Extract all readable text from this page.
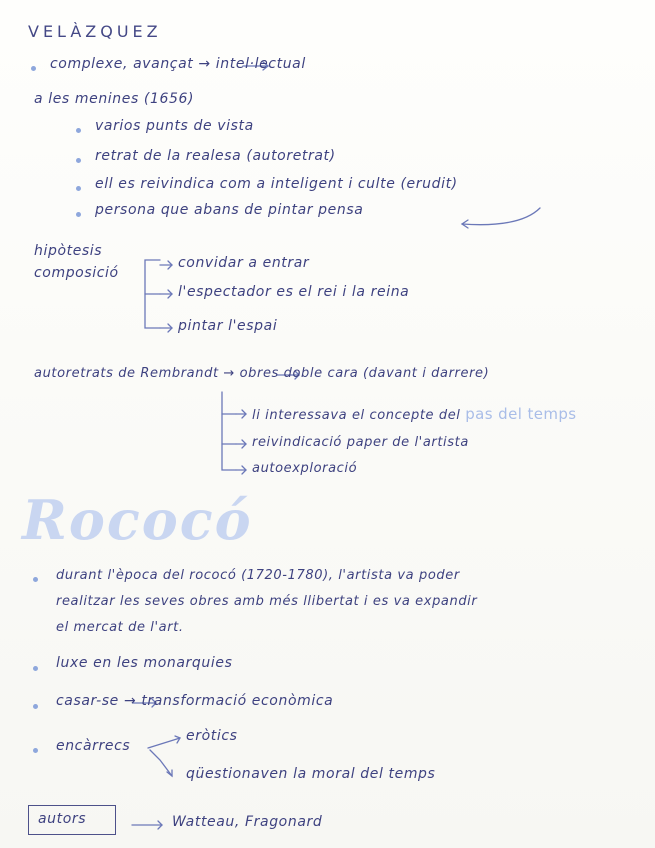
VELÀZQUEZ
complexe, avançat → intel·lectual
a les menines (1656)
varios punts de vista
retrat de la realesa (autoretrat)
ell es reivindica com a inteligent i culte (erudit)
persona que abans de pintar pensa
hipòtesis
composició
convidar a entrar
l'espectador es el rei i la reina
pintar l'espai
autoretrats de Rembrandt → obres doble cara (davant i darrere)
li interessava el concepte del pas del temps
reivindicació paper de l'artista
autoexploració
Rococó
durant l'època del rococó (1720-1780), l'artista va poder
realitzar les seves obres amb més llibertat i es va expandir
el mercat de l'art.
luxe en les monarquies
casar-se → transformació econòmica
encàrrecs
eròtics
qüestionaven la moral del temps
autors	Watteau, Fragonard
